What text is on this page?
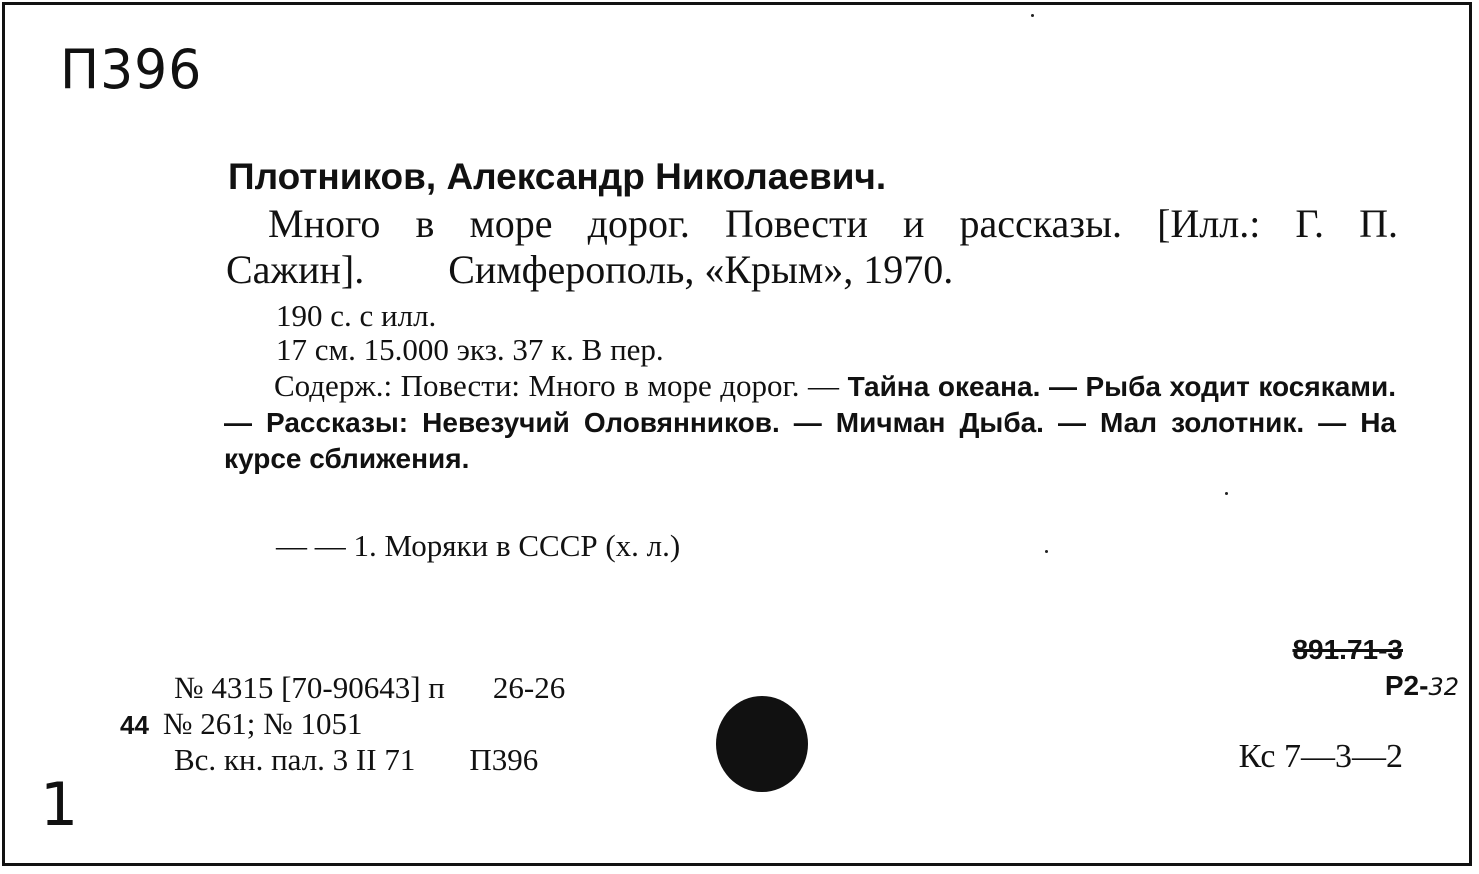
П396
Плотников, Александр Николаевич.
Много в море дорог. Повести и рассказы. [Илл.: Г. П.
Сажин]. Симферополь, «Крым», 1970.
190 с. с илл.
17 см. 15.000 экз. 37 к. В пер.
Содерж.: Повести: Много в море дорог. — Тайна океана. — Рыба ходит косяками. — Рассказы: Невезучий Оловянников. — Мичман Дыба. — Мал золотник. — На курсе сближения.
— — 1. Моряки в СССР (х. л.)
№ 4315 [70-90643] п 26-26
44 № 261; № 1051
Вс. кн. пал. 3 II 71 П396
891.71-3
Р2-32
Кс 7—3—2
1
